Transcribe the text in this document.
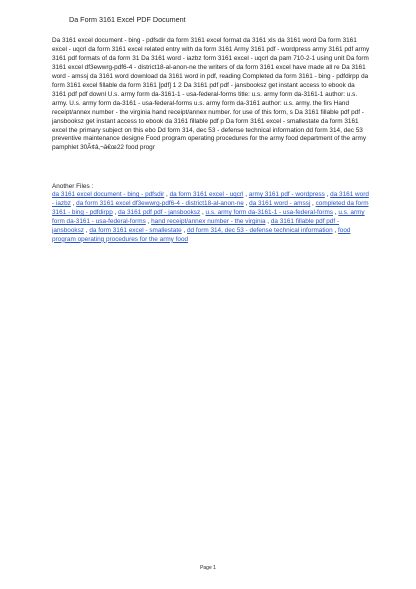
Da Form 3161 Excel PDF Document
Da 3161 excel document - bing - pdfsdir da form 3161 excel format da 3161 xls da 3161 word Da form 3161 excel - uqcrl da form 3161 excel related entry with da form 3161 Army 3161 pdf - wordpress army 3161 pdf army 3161 pdf formats of da form 31 Da 3161 word - iazbz form 3161 excel - uqcrl da pam 710-2-1 using unit Da form 3161 excel df3ewwrg-pdf6-4 - district18-al-anon-ne the writers of da form 3161 excel have made all re Da 3161 word - amssj da 3161 word download da 3161 word in pdf, reading Completed da form 3161 - bing - pdfdirpp da form 3161 excel fillable da form 3161 [pdf] 1 2 Da 3161 pdf pdf - jansbooksz get instant access to ebook da 3161 pdf pdf downl U.s. army form da-3161-1 - usa-federal-forms title: u.s. army form da-3161-1 author: u.s. army. U.s. army form da-3161 - usa-federal-forms u.s. army form da-3161 author: u.s. army. the firs Hand receipt/annex number - the virginia hand receipt/annex number. for use of this form, s Da 3161 fillable pdf pdf - jansbooksz get instant access to ebook da 3161 fillable pdf p Da form 3161 excel - smallestate da form 3161 excel the primary subject on this ebo Dd form 314, dec 53 - defense technical information dd form 314, dec 53 preventive maintenance designe Food program operating procedures for the army food department of the army pamphlet 30Ã¢â‚¬â€œ22 food progr
Another Files :
da 3161 excel document - bing - pdfsdir , da form 3161 excel - uqcrl , army 3161 pdf - wordpress , da 3161 word - iazbz , da form 3161 excel df3ewwrg-pdf6-4 - district18-al-anon-ne , da 3161 word - amssj , completed da form 3161 - bing - pdfdirpp , da 3161 pdf pdf - jansbooksz , u.s. army form da-3161-1 - usa-federal-forms , u.s. army form da-3161 - usa-federal-forms , hand receipt/annex number - the virginia , da 3161 fillable pdf pdf - jansbooksz , da form 3161 excel - smallestate , dd form 314, dec 53 - defense technical information , food program operating procedures for the army food
Page 1
